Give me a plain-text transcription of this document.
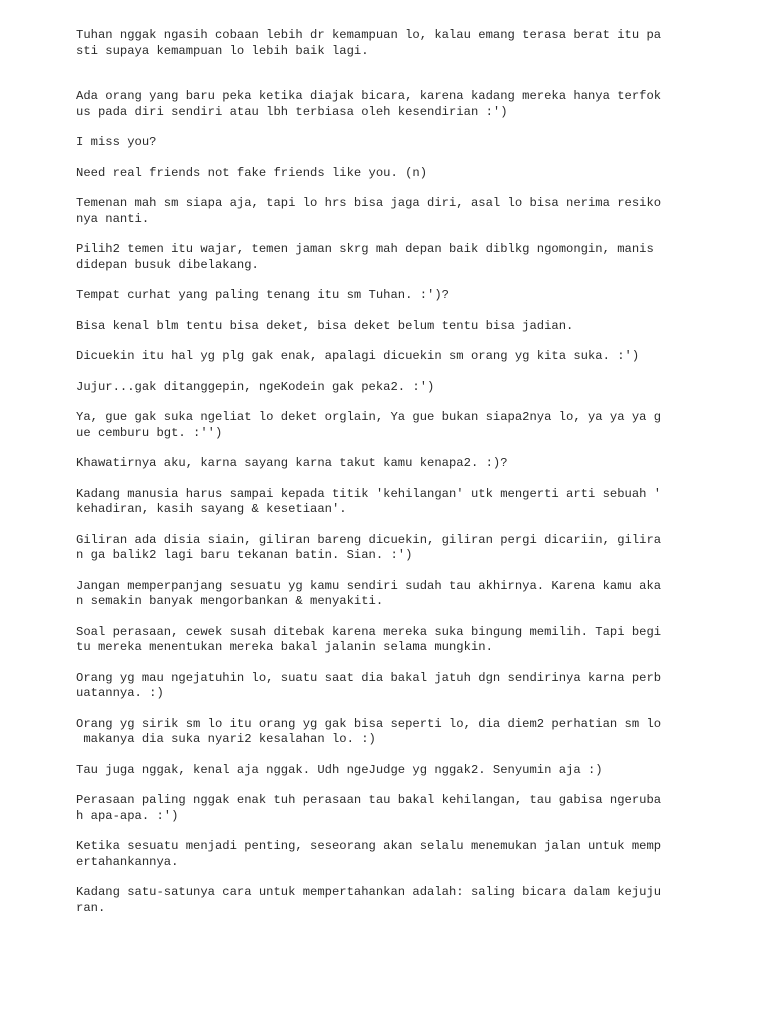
Tuhan nggak ngasih cobaan lebih dr kemampuan lo, kalau emang terasa berat itu pa
sti supaya kemampuan lo lebih baik lagi.

Ada orang yang baru peka ketika diajak bicara, karena kadang mereka hanya terfok
us pada diri sendiri atau lbh terbiasa oleh kesendirian :')

I miss you?

Need real friends not fake friends like you. (n)

Temenan mah sm siapa aja, tapi lo hrs bisa jaga diri, asal lo bisa nerima resiko
nya nanti.

Pilih2 temen itu wajar, temen jaman skrg mah depan baik diblkg ngomongin, manis
didepan busuk dibelakang.

Tempat curhat yang paling tenang itu sm Tuhan. :')?

Bisa kenal blm tentu bisa deket, bisa deket belum tentu bisa jadian.

Dicuekin itu hal yg plg gak enak, apalagi dicuekin sm orang yg kita suka. :')

Jujur...gak ditanggepin, ngeKodein gak peka2. :')

Ya, gue gak suka ngeliat lo deket orglain, Ya gue bukan siapa2nya lo, ya ya ya g
ue cemburu bgt. :'')

Khawatirnya aku, karna sayang karna takut kamu kenapa2. :)?

Kadang manusia harus sampai kepada titik 'kehilangan' utk mengerti arti sebuah '
kehadiran, kasih sayang & kesetiaan'.

Giliran ada disia siain, giliran bareng dicuekin, giliran pergi dicariin, gilira
n ga balik2 lagi baru tekanan batin. Sian. :')

Jangan memperpanjang sesuatu yg kamu sendiri sudah tau akhirnya. Karena kamu aka
n semakin banyak mengorbankan & menyakiti.

Soal perasaan, cewek susah ditebak karena mereka suka bingung memilih. Tapi begi
tu mereka menentukan mereka bakal jalanin selama mungkin.

Orang yg mau ngejatuhin lo, suatu saat dia bakal jatuh dgn sendirinya karna perb
uatannya. :)

Orang yg sirik sm lo itu orang yg gak bisa seperti lo, dia diem2 perhatian sm lo
makanya dia suka nyari2 kesalahan lo. :)

Tau juga nggak, kenal aja nggak. Udh ngeJudge yg nggak2. Senyumin aja :)

Perasaan paling nggak enak tuh perasaan tau bakal kehilangan, tau gabisa ngeruba
h apa-apa. :')

Ketika sesuatu menjadi penting, seseorang akan selalu menemukan jalan untuk memp
ertahankannya.

Kadang satu-satunya cara untuk mempertahankan adalah: saling bicara dalam kejuju
ran.
